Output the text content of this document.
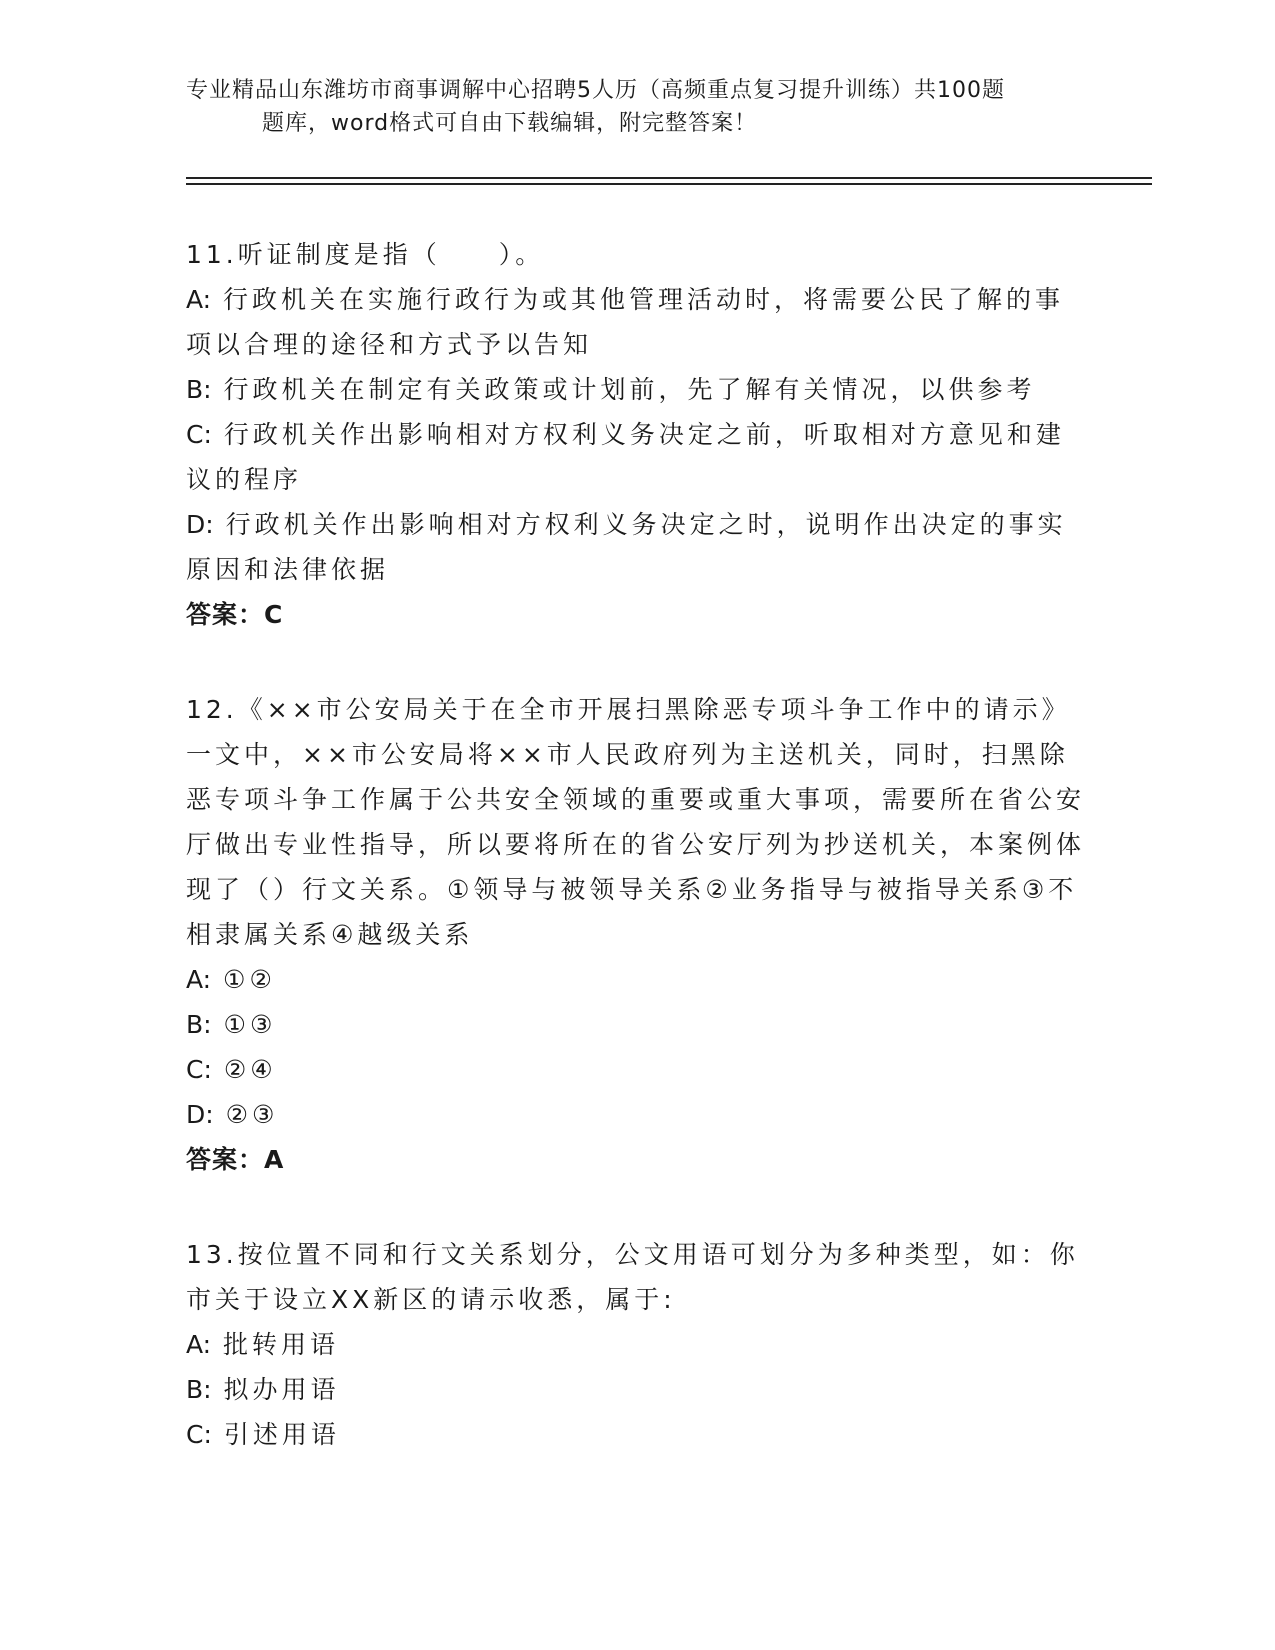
专业精品山东潍坊市商事调解中心招聘5人历（高频重点复习提升训练）共100题
题库，word格式可自由下载编辑，附完整答案！

11.听证制度是指（　　）。

A: 行政机关在实施行政行为或其他管理活动时，将需要公民了解的事项以合理的途径和方式予以告知

B: 行政机关在制定有关政策或计划前，先了解有关情况，以供参考

C: 行政机关作出影响相对方权利义务决定之前，听取相对方意见和建议的程序

D: 行政机关作出影响相对方权利义务决定之时，说明作出决定的事实原因和法律依据

答案：C

12.《××市公安局关于在全市开展扫黑除恶专项斗争工作中的请示》一文中，××市公安局将××市人民政府列为主送机关，同时，扫黑除恶专项斗争工作属于公共安全领域的重要或重大事项，需要所在省公安厅做出专业性指导，所以要将所在的省公安厅列为抄送机关，本案例体现了（）行文关系。①领导与被领导关系②业务指导与被指导关系③不相隶属关系④越级关系

A: ①②

B: ①③

C: ②④

D: ②③

答案：A

13.按位置不同和行文关系划分，公文用语可划分为多种类型，如：你市关于设立XX新区的请示收悉，属于:

A: 批转用语

B: 拟办用语

C: 引述用语
